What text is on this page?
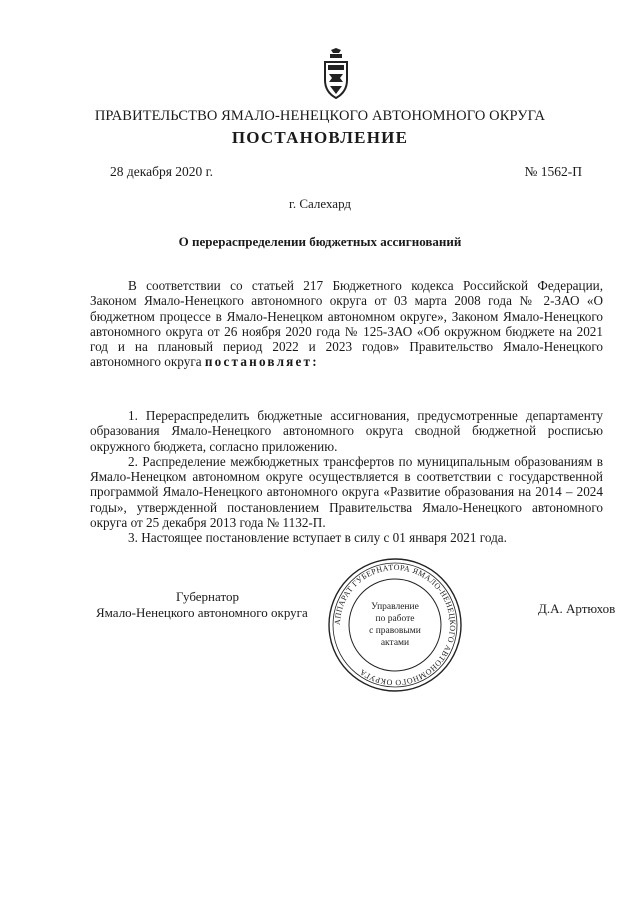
ПРАВИТЕЛЬСТВО ЯМАЛО-НЕНЕЦКОГО АВТОНОМНОГО ОКРУГА
ПОСТАНОВЛЕНИЕ
28 декабря 2020 г.	№ 1562-П
г. Салехард
О перераспределении бюджетных ассигнований
В соответствии со статьей 217 Бюджетного кодекса Российской Федерации, Законом Ямало-Ненецкого автономного округа от 03 марта 2008 года № 2-ЗАО «О бюджетном процессе в Ямало-Ненецком автономном округе», Законом Ямало-Ненецкого автономного округа от 26 ноября 2020 года № 125-ЗАО «Об окружном бюджете на 2021 год и на плановый период 2022 и 2023 годов» Правительство Ямало-Ненецкого автономного округа постановляет:

1. Перераспределить бюджетные ассигнования, предусмотренные департаменту образования Ямало-Ненецкого автономного округа сводной бюджетной росписью окружного бюджета, согласно приложению.

2. Распределение межбюджетных трансфертов по муниципальным образованиям в Ямало-Ненецком автономном округе осуществляется в соответствии с государственной программой Ямало-Ненецкого автономного округа «Развитие образования на 2014 – 2024 годы», утвержденной постановлением Правительства Ямало-Ненецкого автономного округа от 25 декабря 2013 года № 1132-П.

3. Настоящее постановление вступает в силу с 01 января 2021 года.

Губернатор
Ямало-Ненецкого автономного округа	Д.А. Артюхов
АППАРАТ ГУБЕРНАТОРА ЯМАЛО-НЕНЕЦКОГО АВТОНОМНОГО ОКРУГА
Управление
по работе
с правовыми
актами
